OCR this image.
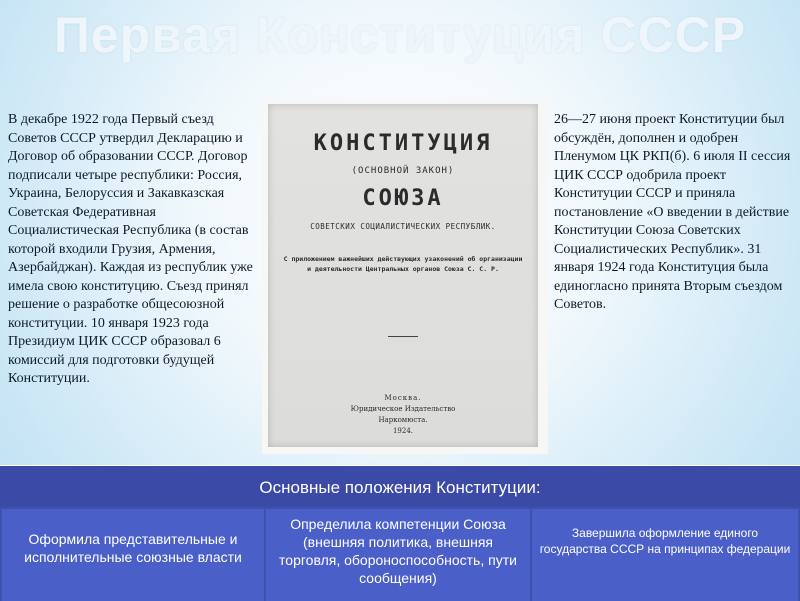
Первая Конституция СССР
В декабре 1922 года Первый съезд Советов СССР утвердил Декларацию и Договор об образовании СССР. Договор подписали четыре республики: Россия, Украина, Белоруссия и Закавказская Советская Федеративная Социалистическая Республика (в состав которой входили Грузия, Армения, Азербайджан). Каждая из республик уже имела свою конституцию. Съезд принял решение о разработке общесоюзной конституции. 10 января 1923 года Президиум ЦИК СССР образовал 6 комиссий для подготовки будущей Конституции.
КОНСТИТУЦИЯ
(ОСНОВНОЙ ЗАКОН)
СОЮЗА
СОВЕТСКИХ СОЦИАЛИСТИЧЕСКИХ РЕСПУБЛИК.
С приложением важнейших действующих узаконений об организации и деятельности Центральных органов Союза С. С. Р.
Москва.
Юридическое Издательство
Наркомюста.
1924.
26—27 июня проект Конституции был обсуждён, дополнен и одобрен Пленумом ЦК РКП(б). 6 июля II сессия ЦИК СССР одобрила проект Конституции СССР и приняла постановление «О введении в действие Конституции Союза Советских Социалистических Республик». 31 января 1924 года Конституция была единогласно принята Вторым съездом Советов.
Основные положения Конституции:
Оформила представительные и исполнительные союзные власти
Определила компетенции Союза (внешняя политика, внешняя торговля, обороноспособность, пути сообщения)
Завершила оформление единого государства СССР на принципах федерации
